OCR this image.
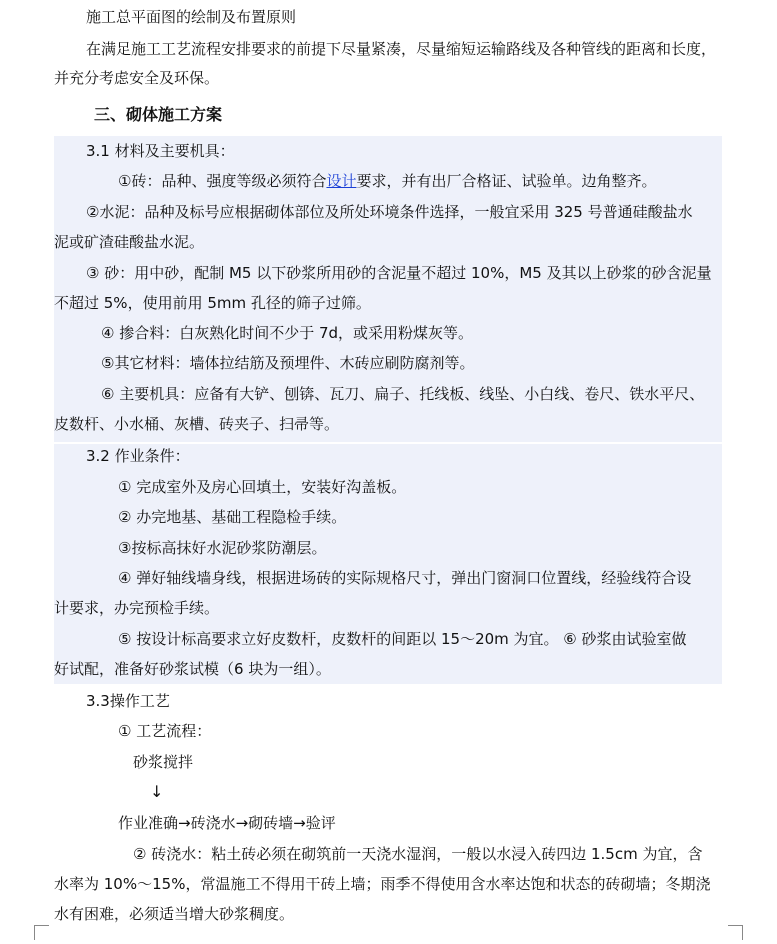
施工总平面图的绘制及布置原则
在满足施工工艺流程安排要求的前提下尽量紧凑，尽量缩短运输路线及各种管线的距离和长度，
并充分考虑安全及环保。
三、砌体施工方案
3.1 材料及主要机具：
①砖：品种、强度等级必须符合设计要求，并有出厂合格证、试验单。边角整齐。
②水泥：品种及标号应根据砌体部位及所处环境条件选择，一般宜采用 325 号普通硅酸盐水
泥或矿渣硅酸盐水泥。
③ 砂：用中砂，配制 M5 以下砂浆所用砂的含泥量不超过 10%，M5 及其以上砂浆的砂含泥量
不超过 5%，使用前用 5mm 孔径的筛子过筛。
④ 掺合料：白灰熟化时间不少于 7d，或采用粉煤灰等。
⑤其它材料：墙体拉结筋及预埋件、木砖应刷防腐剂等。
⑥ 主要机具：应备有大铲、刨锛、瓦刀、扁子、托线板、线坠、小白线、卷尺、铁水平尺、
皮数杆、小水桶、灰槽、砖夹子、扫帚等。
3.2 作业条件：
① 完成室外及房心回填土，安装好沟盖板。
② 办完地基、基础工程隐检手续。
③按标高抹好水泥砂浆防潮层。
④ 弹好轴线墙身线，根据进场砖的实际规格尺寸，弹出门窗洞口位置线，经验线符合设
计要求，办完预检手续。
⑤ 按设计标高要求立好皮数杆，皮数杆的间距以 15～20m 为宜。 ⑥ 砂浆由试验室做
好试配，准备好砂浆试模（6 块为一组）。
3.3操作工艺
① 工艺流程：
砂浆搅拌
↓
作业准确→砖浇水→砌砖墙→验评
② 砖浇水：粘土砖必须在砌筑前一天浇水湿润，一般以水浸入砖四边 1.5cm 为宜，含
水率为 10%～15%，常温施工不得用干砖上墙；雨季不得使用含水率达饱和状态的砖砌墙；冬期浇
水有困难，必须适当增大砂浆稠度。
